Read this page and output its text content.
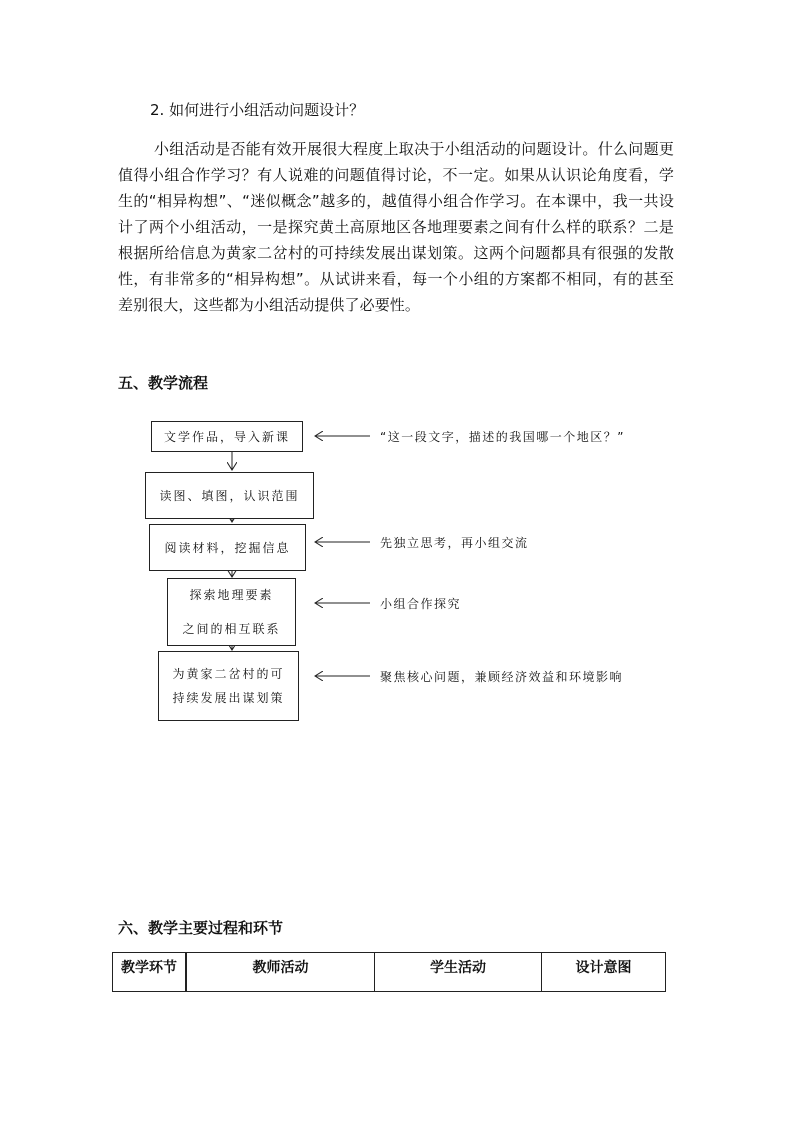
2. 如何进行小组活动问题设计？
小组活动是否能有效开展很大程度上取决于小组活动的问题设计。什么问题更值得小组合作学习？有人说难的问题值得讨论，不一定。如果从认识论角度看，学生的“相异构想”、“迷似概念”越多的，越值得小组合作学习。在本课中，我一共设计了两个小组活动，一是探究黄土高原地区各地理要素之间有什么样的联系？二是根据所给信息为黄家二岔村的可持续发展出谋划策。这两个问题都具有很强的发散性，有非常多的“相异构想”。从试讲来看，每一个小组的方案都不相同，有的甚至差别很大，这些都为小组活动提供了必要性。
五、教学流程
文学作品，导入新课
读图、填图，认识范围
阅读材料，挖掘信息
探索地理要素
之间的相互联系
为黄家二岔村的可
持续发展出谋划策
“这一段文字，描述的我国哪一个地区？”
先独立思考，再小组交流
小组合作探究
聚焦核心问题，兼顾经济效益和环境影响
六、教学主要过程和环节
教学环节	教师活动	学生活动	设计意图
